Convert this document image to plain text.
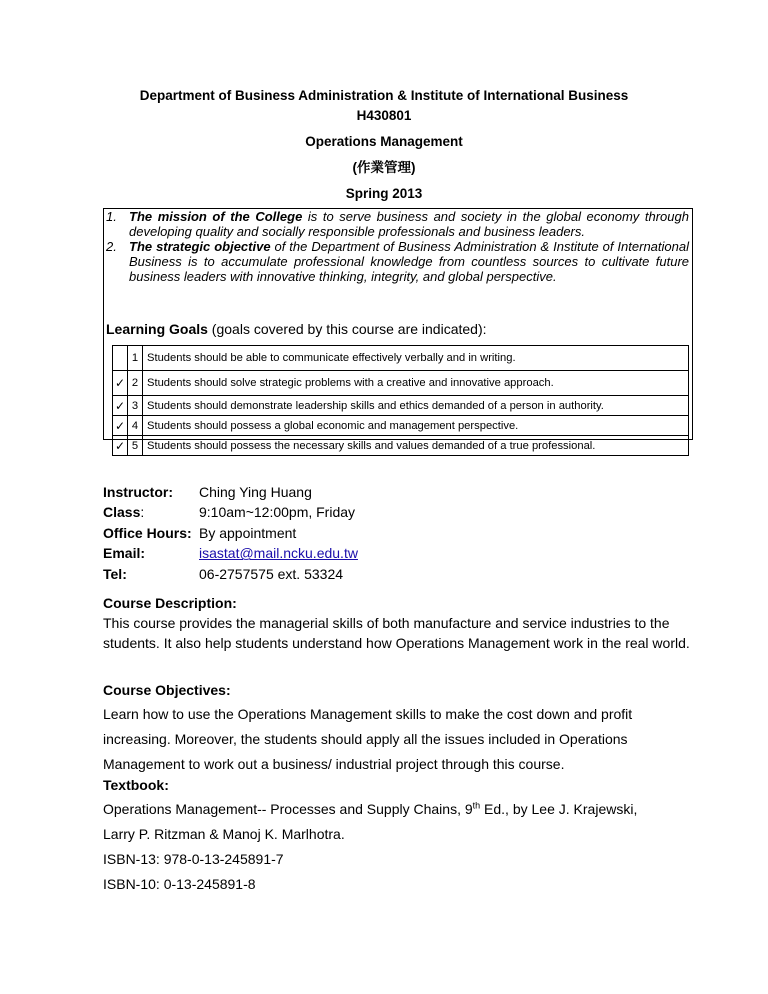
Department of Business Administration & Institute of International Business
H430801
Operations Management
(作業管理)
Spring 2013
1. The mission of the College is to serve business and society in the global economy through developing quality and socially responsible professionals and business leaders.
2. The strategic objective of the Department of Business Administration & Institute of International Business is to accumulate professional knowledge from countless sources to cultivate future business leaders with innovative thinking, integrity, and global perspective.
Learning Goals (goals covered by this course are indicated):
	1	Students should be able to communicate effectively verbally and in writing.
✓	2	Students should solve strategic problems with a creative and innovative approach.
✓	3	Students should demonstrate leadership skills and ethics demanded of a person in authority.
✓	4	Students should possess a global economic and management perspective.
✓	5	Students should possess the necessary skills and values demanded of a true professional.
Instructor:	Ching Ying Huang
Class:	9:10am~12:00pm, Friday
Office Hours: By appointment
Email:	isastat@mail.ncku.edu.tw
Tel:	06-2757575 ext. 53324
Course Description:
This course provides the managerial skills of both manufacture and service industries to the students. It also help students understand how Operations Management work in the real world.
Course Objectives:
Learn how to use the Operations Management skills to make the cost down and profit increasing. Moreover, the students should apply all the issues included in Operations Management to work out a business/ industrial project through this course.
Textbook:
Operations Management-- Processes and Supply Chains, 9th Ed., by Lee J. Krajewski,
Larry P. Ritzman & Manoj K. Marlhotra.
ISBN-13: 978-0-13-245891-7
ISBN-10: 0-13-245891-8
